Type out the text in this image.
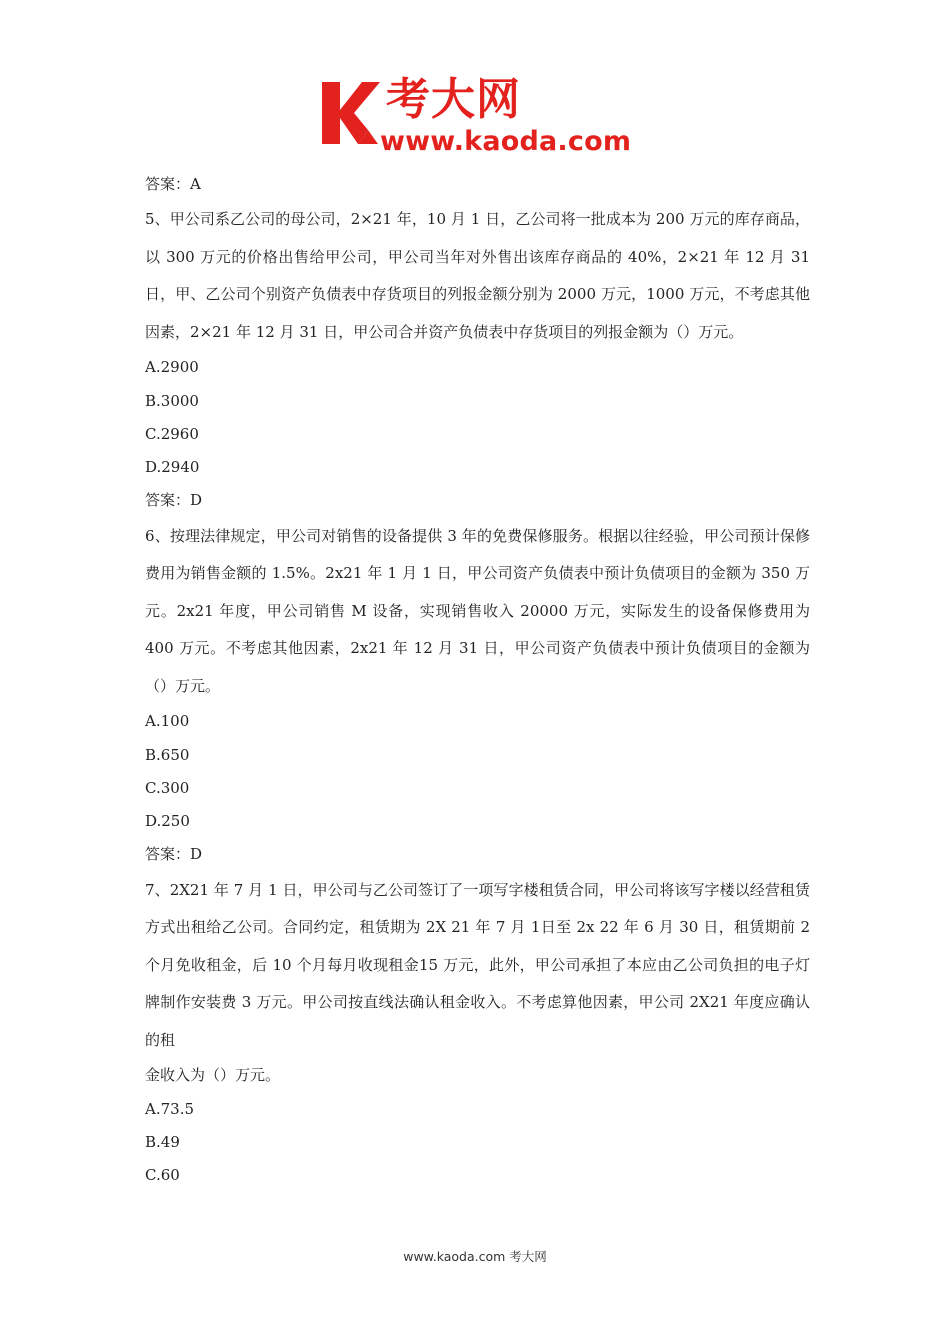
考大网
www.kaoda.com
答案：A
5、甲公司系乙公司的母公司，2×21 年，10 月 1 日，乙公司将一批成本为 200 万元的库存商品，以 300 万元的价格出售给甲公司，甲公司当年对外售出该库存商品的 40%，2×21 年 12 月 31 日，甲、乙公司个别资产负债表中存货项目的列报金额分别为 2000 万元，1000 万元，不考虑其他因素，2×21 年 12 月 31 日，甲公司合并资产负债表中存货项目的列报金额为（）万元。
A.2900
B.3000
C.2960
D.2940
答案：D
6、按理法律规定，甲公司对销售的设备提供 3 年的免费保修服务。根据以往经验，甲公司预计保修费用为销售金额的 1.5%。2x21 年 1 月 1 日，甲公司资产负债表中预计负债项目的金额为 350 万元。2x21 年度，甲公司销售 M 设备，实现销售收入 20000 万元，实际发生的设备保修费用为 400 万元。不考虑其他因素，2x21 年 12 月 31 日，甲公司资产负债表中预计负债项目的金额为（）万元。
A.100
B.650
C.300
D.250
答案：D
7、2X21 年 7 月 1 日，甲公司与乙公司签订了一项写字楼租赁合同，甲公司将该写字楼以经营租赁方式出租给乙公司。合同约定，租赁期为 2X 21 年 7 月 1日至 2x 22 年 6 月 30 日，租赁期前 2 个月免收租金，后 10 个月每月收现租金15 万元，此外，甲公司承担了本应由乙公司负担的电子灯牌制作安装费 3 万元。甲公司按直线法确认租金收入。不考虑算他因素，甲公司 2X21 年度应确认的租
金收入为（）万元。
A.73.5
B.49
C.60
www.kaoda.com 考大网
